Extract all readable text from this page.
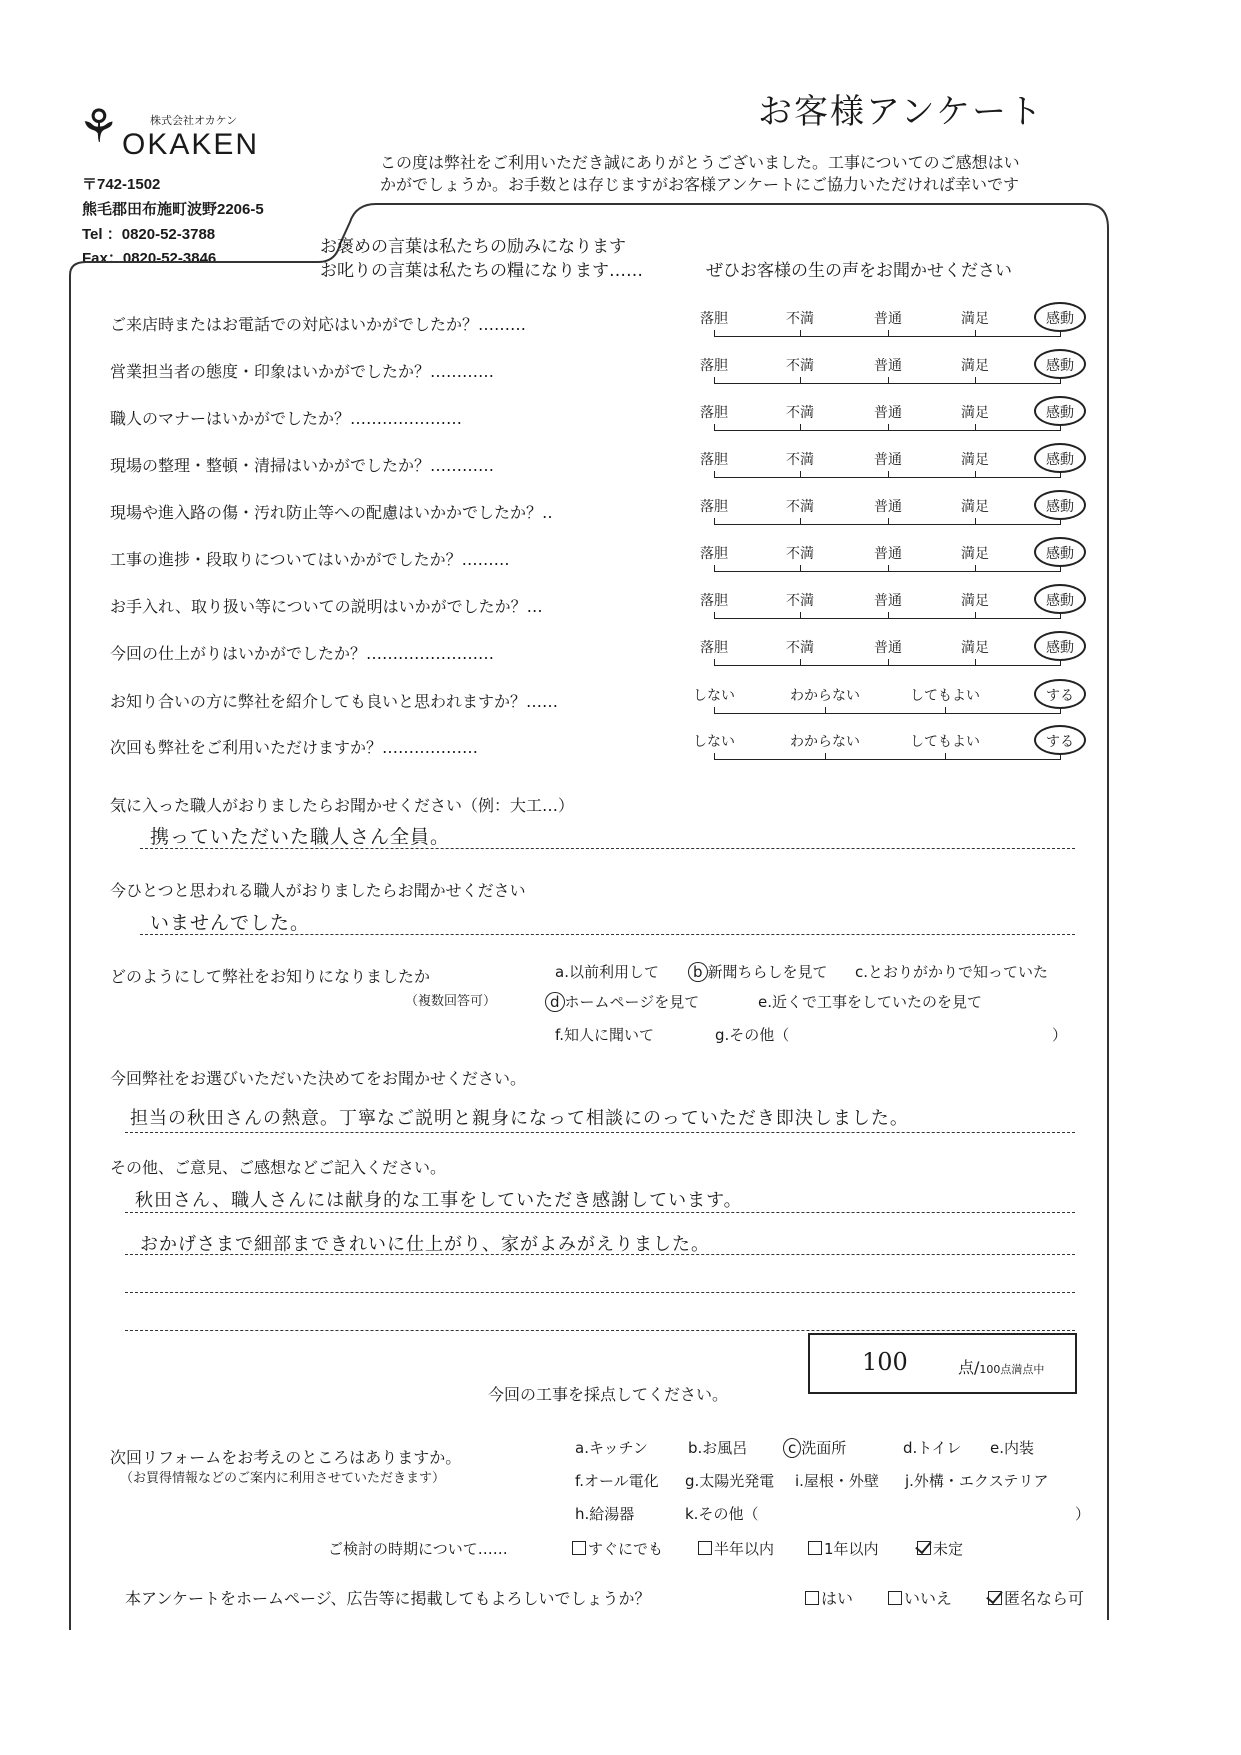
⚘	株式会社オカケン
OKAKEN
〒742-1502
熊毛郡田布施町波野2206-5
Tel ：0820-52-3788
Fax：0820-52-3846
お客様アンケート
この度は弊社をご利用いただき誠にありがとうございました。工事についてのご感想はい
かがでしょうか。お手数とは存じますがお客様アンケートにご協力いただければ幸いです
お褒めの言葉は私たちの励みになります
お叱りの言葉は私たちの糧になります……	ぜひお客様の生の声をお聞かせください
ご来店時またはお電話での対応はいかがでしたか？………	落胆	不満	普通	満足	感動
営業担当者の態度・印象はいかがでしたか？…………	落胆	不満	普通	満足	感動
職人のマナーはいかがでしたか？…………………	落胆	不満	普通	満足	感動
現場の整理・整頓・清掃はいかがでしたか？…………	落胆	不満	普通	満足	感動
現場や進入路の傷・汚れ防止等への配慮はいかかでしたか？‥	落胆	不満	普通	満足	感動
工事の進捗・段取りについてはいかがでしたか？………	落胆	不満	普通	満足	感動
お手入れ、取り扱い等についての説明はいかがでしたか？…	落胆	不満	普通	満足	感動
今回の仕上がりはいかがでしたか？……………………	落胆	不満	普通	満足	感動
お知り合いの方に弊社を紹介しても良いと思われますか？……	しない	わからない	してもよい	する
次回も弊社をご利用いただけますか？………………	しない	わからない	してもよい	する
気に入った職人がおりましたらお聞かせください（例：大工…）
携っていただいた職人さん全員。
今ひとつと思われる職人がおりましたらお聞かせください
いませんでした。
どのようにして弊社をお知りになりましたか
（複数回答可）
a.以前利用して	b 新聞ちらしを見て c.とおりがかりで知っていた
d ホームページを見て	e.近くで工事をしていたのを見て
f.知人に聞いて	g.その他（	）
今回弊社をお選びいただいた決めてをお聞かせください。
担当の秋田さんの熱意。丁寧なご説明と親身になって相談にのっていただき即決しました。
その他、ご意見、ご感想などご記入ください。
秋田さん、職人さんには献身的な工事をしていただき感謝しています。
おかげさまで細部まできれいに仕上がり、家がよみがえりました。
今回の工事を採点してください。
100	点/100点満点中
次回リフォームをお考えのところはありますか。
（お買得情報などのご案内に利用させていただきます）
a.キッチン	b.お風呂	c 洗面所	d.トイレ e.内装
f.オール電化 g.太陽光発電 i.屋根・外壁 j.外構・エクステリア
h.給湯器	k.その他（	）
ご検討の時期について……	すぐにでも	半年以内	1年以内	未定
本アンケートをホームページ、広告等に掲載してもよろしいでしょうか？	はい	いいえ	匿名なら可
